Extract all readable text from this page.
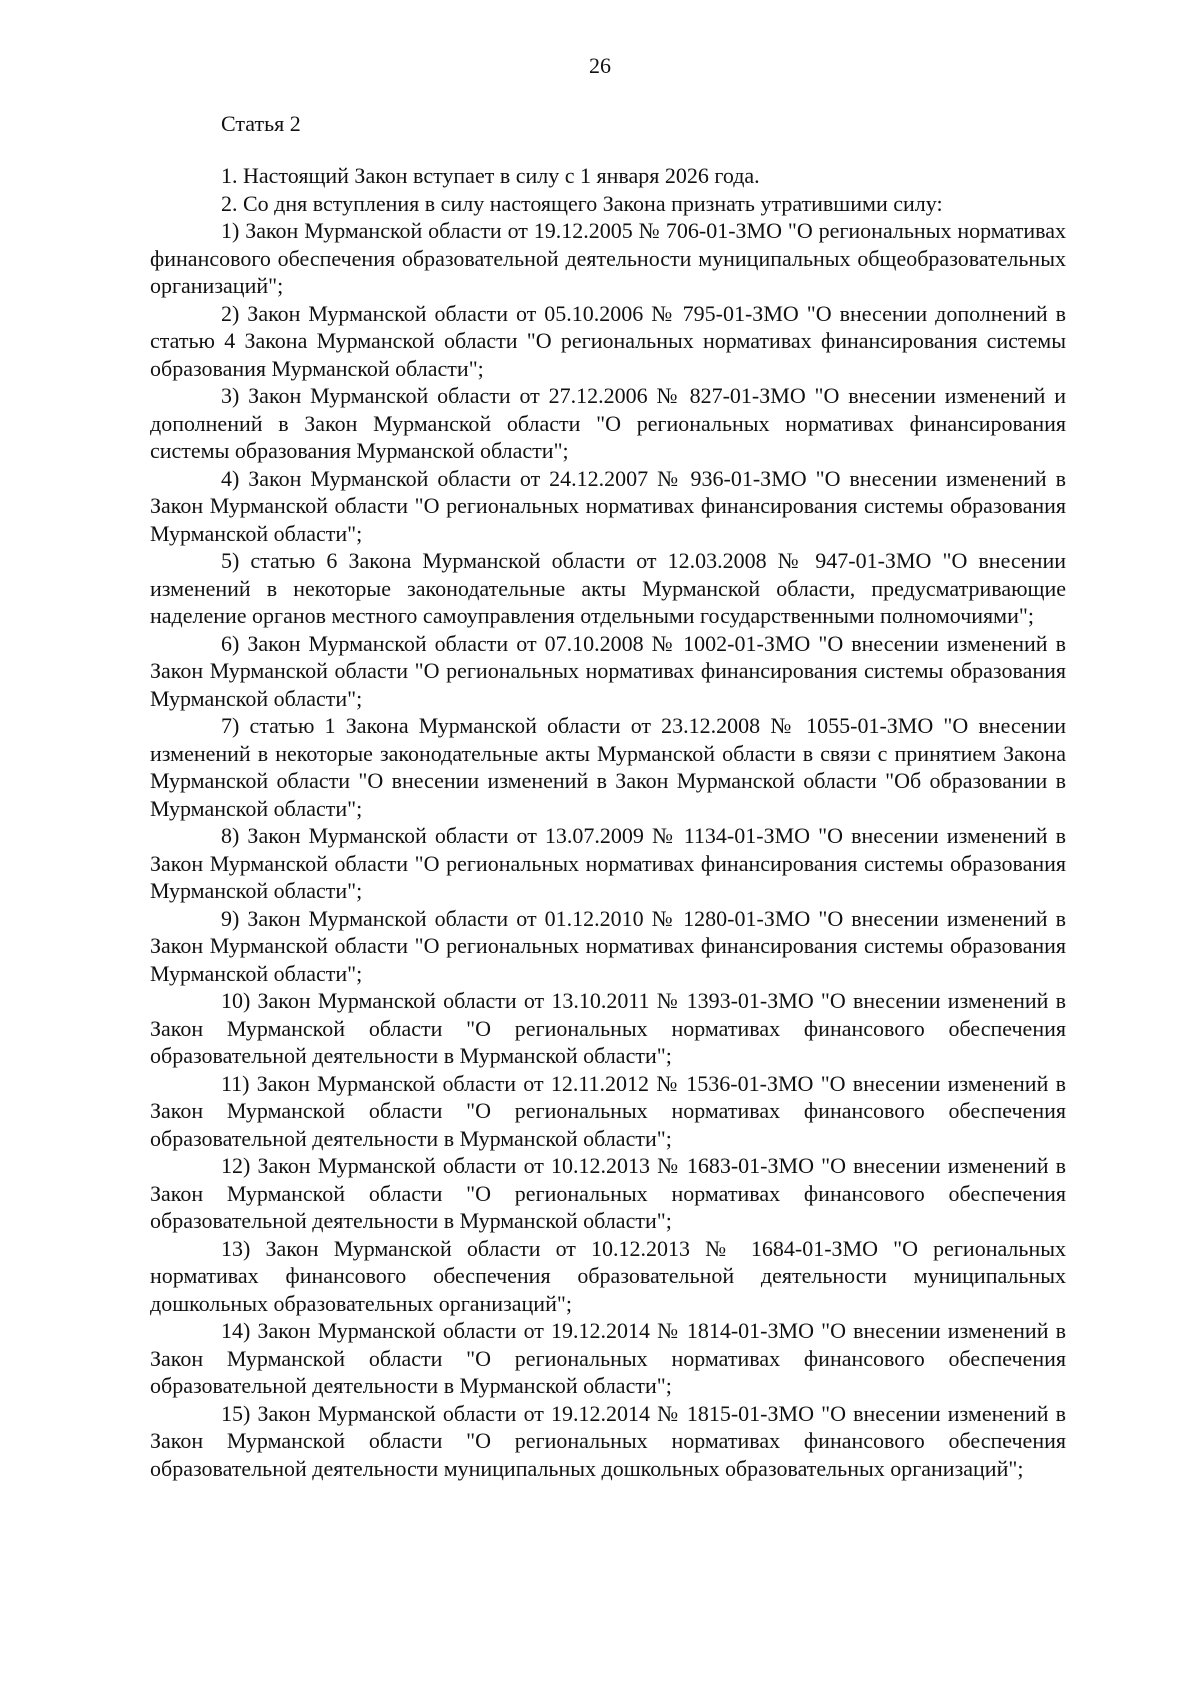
26
Статья 2

1. Настоящий Закон вступает в силу с 1 января 2026 года.

2. Со дня вступления в силу настоящего Закона признать утратившими силу:

1) Закон Мурманской области от 19.12.2005 № 706-01-ЗМО "О региональных нормативах финансового обеспечения образовательной деятельности муниципальных общеобразовательных организаций";

2) Закон Мурманской области от 05.10.2006 № 795-01-ЗМО "О внесении дополнений в статью 4 Закона Мурманской области "О региональных нормативах финансирования системы образования Мурманской области";

3) Закон Мурманской области от 27.12.2006 № 827-01-ЗМО "О внесении изменений и дополнений в Закон Мурманской области "О региональных нормативах финансирования системы образования Мурманской области";

4) Закон Мурманской области от 24.12.2007 № 936-01-ЗМО "О внесении изменений в Закон Мурманской области "О региональных нормативах финансирования системы образования Мурманской области";

5) статью 6 Закона Мурманской области от 12.03.2008 № 947-01-ЗМО "О внесении изменений в некоторые законодательные акты Мурманской области, предусматривающие наделение органов местного самоуправления отдельными государственными полномочиями";

6) Закон Мурманской области от 07.10.2008 № 1002-01-ЗМО "О внесении изменений в Закон Мурманской области "О региональных нормативах финансирования системы образования Мурманской области";

7) статью 1 Закона Мурманской области от 23.12.2008 № 1055-01-ЗМО "О внесении изменений в некоторые законодательные акты Мурманской области в связи с принятием Закона Мурманской области "О внесении изменений в Закон Мурманской области "Об образовании в Мурманской области";

8) Закон Мурманской области от 13.07.2009 № 1134-01-ЗМО "О внесении изменений в Закон Мурманской области "О региональных нормативах финансирования системы образования Мурманской области";

9) Закон Мурманской области от 01.12.2010 № 1280-01-ЗМО "О внесении изменений в Закон Мурманской области "О региональных нормативах финансирования системы образования Мурманской области";

10) Закон Мурманской области от 13.10.2011 № 1393-01-ЗМО "О внесении изменений в Закон Мурманской области "О региональных нормативах финансового обеспечения образовательной деятельности в Мурманской области";

11) Закон Мурманской области от 12.11.2012 № 1536-01-ЗМО "О внесении изменений в Закон Мурманской области "О региональных нормативах финансового обеспечения образовательной деятельности в Мурманской области";

12) Закон Мурманской области от 10.12.2013 № 1683-01-ЗМО "О внесении изменений в Закон Мурманской области "О региональных нормативах финансового обеспечения образовательной деятельности в Мурманской области";

13) Закон Мурманской области от 10.12.2013 № 1684-01-ЗМО "О региональных нормативах финансового обеспечения образовательной деятельности муниципальных дошкольных образовательных организаций";

14) Закон Мурманской области от 19.12.2014 № 1814-01-ЗМО "О внесении изменений в Закон Мурманской области "О региональных нормативах финансового обеспечения образовательной деятельности в Мурманской области";

15) Закон Мурманской области от 19.12.2014 № 1815-01-ЗМО "О внесении изменений в Закон Мурманской области "О региональных нормативах финансового обеспечения образовательной деятельности муниципальных дошкольных образовательных организаций";
